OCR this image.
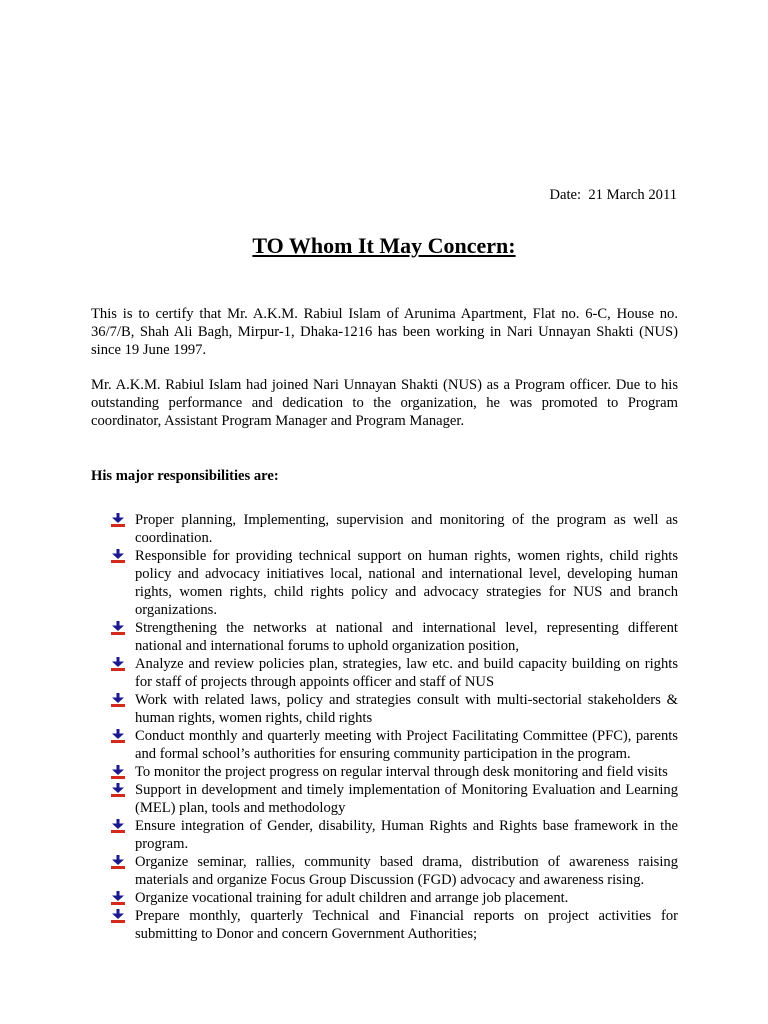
Date:  21 March 2011
TO Whom It May Concern:

This is to certify that Mr. A.K.M. Rabiul Islam of Arunima Apartment, Flat no. 6-C, House no. 36/7/B, Shah Ali Bagh, Mirpur-1, Dhaka-1216 has been working in Nari Unnayan Shakti (NUS) since 19 June 1997.

Mr. A.K.M. Rabiul Islam had joined Nari Unnayan Shakti (NUS) as a Program officer. Due to his outstanding performance and dedication to the organization, he was promoted to Program coordinator, Assistant Program Manager and Program Manager.

His major responsibilities are:
Proper planning, Implementing, supervision and monitoring of the program as well as coordination.
Responsible for providing technical support on human rights, women rights, child rights policy and advocacy initiatives local, national and international level, developing human rights, women rights, child rights policy and advocacy strategies for NUS and branch organizations.
Strengthening the networks at national and international level, representing different national and international forums to uphold organization position,
Analyze and review policies plan, strategies, law etc. and build capacity building on rights for staff of projects through appoints officer and staff of NUS
Work with related laws, policy and strategies consult with multi-sectorial stakeholders & human rights, women rights, child rights
Conduct monthly and quarterly meeting with Project Facilitating Committee (PFC), parents and formal school’s authorities for ensuring community participation in the program.
To monitor the project progress on regular interval through desk monitoring and field visits
Support in development and timely implementation of Monitoring Evaluation and Learning (MEL) plan, tools and methodology
Ensure integration of Gender, disability, Human Rights and Rights base framework in the program.
Organize seminar, rallies, community based drama, distribution of awareness raising materials and organize Focus Group Discussion (FGD) advocacy and awareness rising.
Organize vocational training for adult children and arrange job placement.
Prepare monthly, quarterly Technical and Financial reports on project activities for submitting to Donor and concern Government Authorities;
